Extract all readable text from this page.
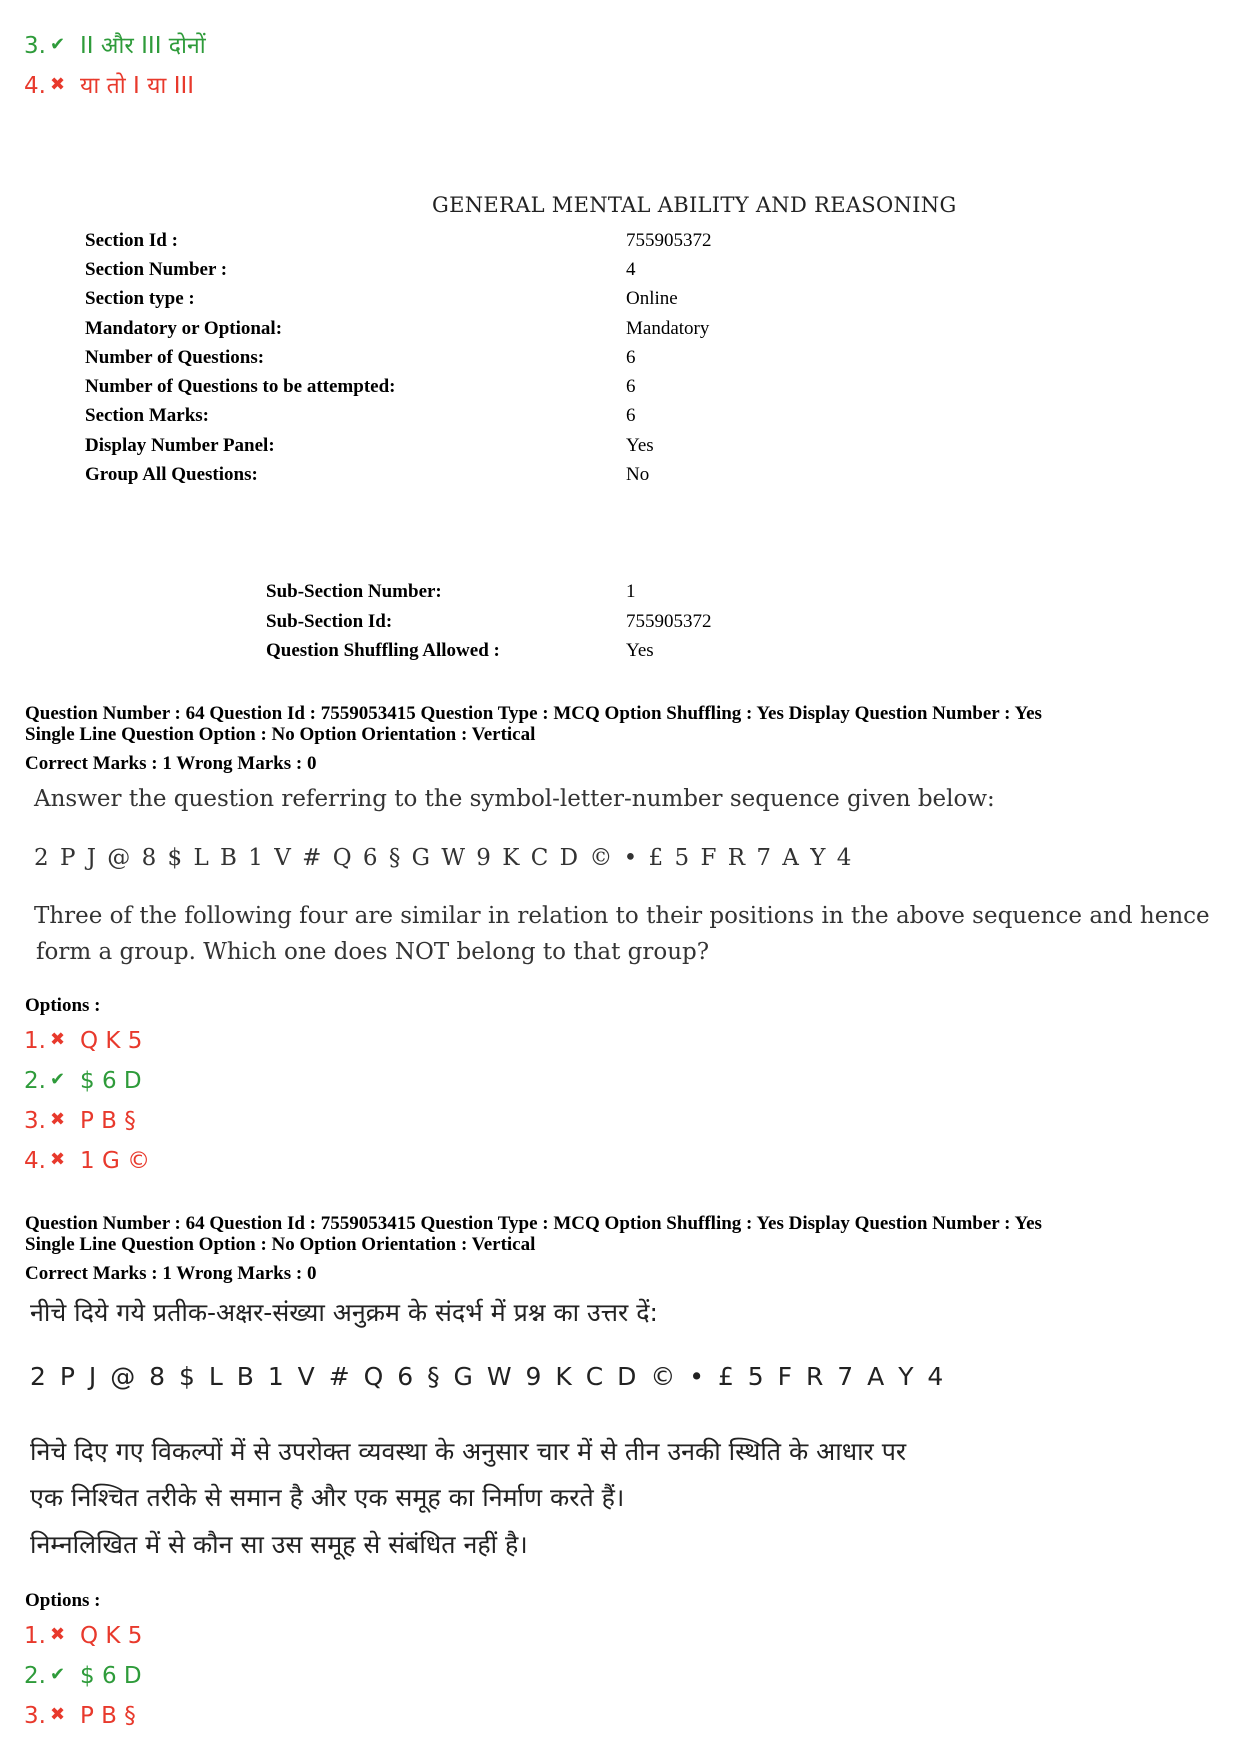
3. ✔ II और III दोनों
4. ✖ या तो I या III
GENERAL MENTAL ABILITY AND REASONING
Section Id :	755905372
Section Number :	4
Section type :	Online
Mandatory or Optional:	Mandatory
Number of Questions:	6
Number of Questions to be attempted:	6
Section Marks:	6
Display Number Panel:	Yes
Group All Questions:	No
Sub-Section Number:	1
Sub-Section Id:	755905372
Question Shuffling Allowed :	Yes
Question Number : 64 Question Id : 7559053415 Question Type : MCQ Option Shuffling : Yes Display Question Number : Yes
Single Line Question Option : No Option Orientation : Vertical
Correct Marks : 1 Wrong Marks : 0
Answer the question referring to the symbol-letter-number sequence given below:
2 P J @ 8 $ L B 1 V # Q 6 § G W 9 K C D © • £ 5 F R 7 A Y 4
Three of the following four are similar in relation to their positions in the above sequence and hence
form a group. Which one does NOT belong to that group?
Options :
1. ✖ Q K 5
2. ✔ $ 6 D
3. ✖ P B §
4. ✖ 1 G ©
Question Number : 64 Question Id : 7559053415 Question Type : MCQ Option Shuffling : Yes Display Question Number : Yes
Single Line Question Option : No Option Orientation : Vertical
Correct Marks : 1 Wrong Marks : 0
नीचे दिये गये प्रतीक-अक्षर-संख्या अनुक्रम के संदर्भ में प्रश्न का उत्तर दें:
2 P J @ 8 $ L B 1 V # Q 6 § G W 9 K C D © • £ 5 F R 7 A Y 4
निचे दिए गए विकल्पों में से उपरोक्त व्यवस्था के अनुसार चार में से तीन उनकी स्थिति के आधार पर
एक निश्चित तरीके से समान है और एक समूह का निर्माण करते हैं।
निम्नलिखित में से कौन सा उस समूह से संबंधित नहीं है।
Options :
1. ✖ Q K 5
2. ✔ $ 6 D
3. ✖ P B §
